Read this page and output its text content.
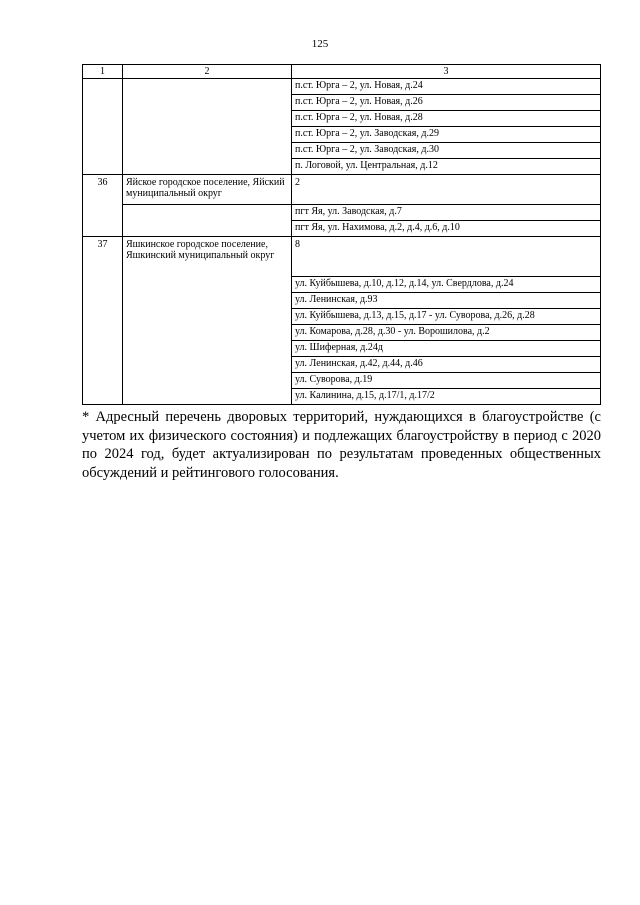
125
1	2	3
		п.ст. Юрга – 2, ул. Новая, д.24
		п.ст. Юрга – 2, ул. Новая, д.26
		п.ст. Юрга – 2, ул. Новая, д.28
		п.ст. Юрга – 2, ул. Заводская, д.29
		п.ст. Юрга – 2, ул. Заводская, д.30
		п. Логовой, ул. Центральная, д.12
36	Яйское городское поселение, Яйский муниципальный округ	2
		пгт Яя, ул. Заводская, д.7
		пгт Яя, ул. Нахимова, д.2, д.4, д.6, д.10
37	Яшкинское городское поселение, Яшкинский муниципальный округ	8
		ул. Куйбышева, д.10, д.12, д.14, ул. Свердлова, д.24
		ул. Ленинская, д.93
		ул. Куйбышева, д.13, д.15, д.17 - ул. Суворова, д.26, д.28
		ул. Комарова, д.28, д.30 - ул. Ворошилова, д.2
		ул. Шиферная, д.24д
		ул. Ленинская, д.42, д.44, д.46
		ул. Суворова, д.19
		ул. Калинина, д.15, д.17/1, д.17/2
* Адресный перечень дворовых территорий, нуждающихся в благоустройстве (с учетом их физического состояния) и подлежащих благоустройству в период с 2020 по 2024 год, будет актуализирован по результатам проведенных общественных обсуждений и рейтингового голосования.
